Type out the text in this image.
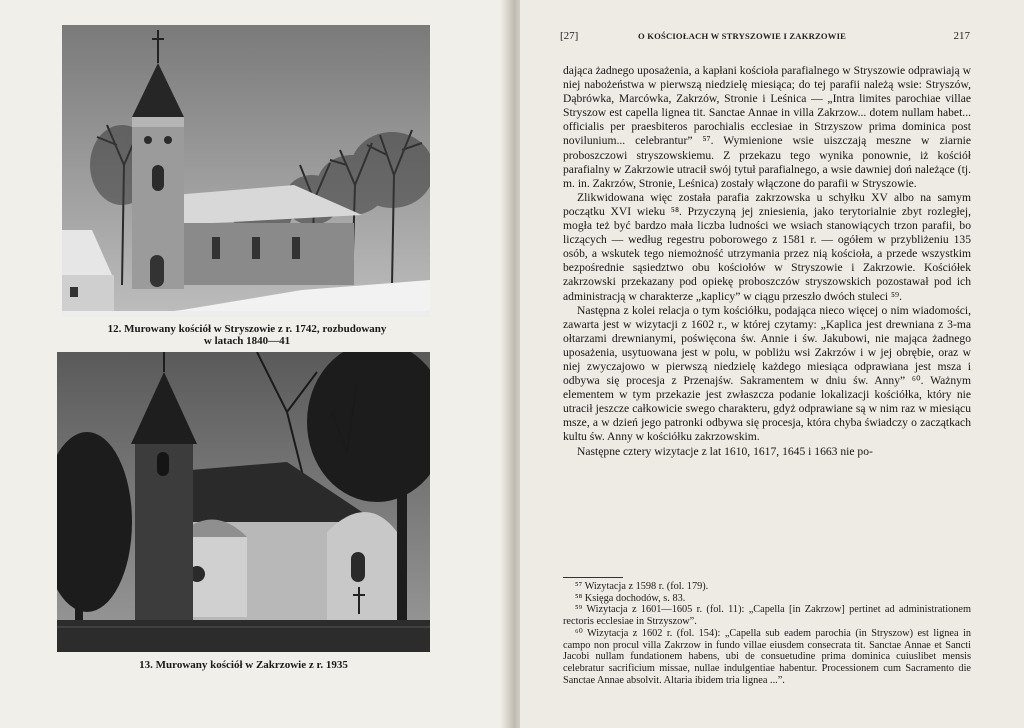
12. Murowany kościół w Stryszowie z r. 1742, rozbudowany
w latach 1840—41
13. Murowany kościół w Zakrzowie z r. 1935
[27]	O KOŚCIOŁACH W STRYSZOWIE I ZAKRZOWIE	217

dająca żadnego uposażenia, a kapłani kościoła parafialnego w Stryszowie odprawiają w niej nabożeństwa w pierwszą niedzielę miesiąca; do tej parafii należą wsie: Stryszów, Dąbrówka, Marcówka, Zakrzów, Stronie i Leśnica — „Intra limites parochiae villae Stryszow est capella lignea tit. Sanctae Annae in villa Zakrzow... dotem nullam habet... officialis per praesbiteros parochialis ecclesiae in Strzyszow prima dominica post novilunium... celebrantur” ⁵⁷. Wymienione wsie uiszczają meszne w ziarnie proboszczowi stryszowskiemu. Z przekazu tego wynika ponownie, iż kościół parafialny w Zakrzowie utracił swój tytuł parafialnego, a wsie dawniej doń należące (tj. m. in. Zakrzów, Stronie, Leśnica) zostały włączone do parafii w Stryszowie.

Zlikwidowana więc została parafia zakrzowska u schyłku XV albo na samym początku XVI wieku ⁵⁸. Przyczyną jej zniesienia, jako terytorialnie zbyt rozległej, mogła też być bardzo mała liczba ludności we wsiach stanowiących trzon parafii, bo liczących — według regestru poborowego z 1581 r. — ogółem w przybliżeniu 135 osób, a wskutek tego niemożność utrzymania przez nią kościoła, a przede wszystkim bezpośrednie sąsiedztwo obu kościołów w Stryszowie i Zakrzowie. Kościółek zakrzowski przekazany pod opiekę proboszczów stryszowskich pozostawał pod ich administracją w charakterze „kaplicy” w ciągu przeszło dwóch stuleci ⁵⁹.

Następna z kolei relacja o tym kościółku, podająca nieco więcej o nim wiadomości, zawarta jest w wizytacji z 1602 r., w której czytamy: „Kaplica jest drewniana z 3-ma ołtarzami drewnianymi, poświęcona św. Annie i św. Jakubowi, nie mająca żadnego uposażenia, usytuowana jest w polu, w pobliżu wsi Zakrzów i w jej obrębie, oraz w niej zwyczajowo w pierwszą niedzielę każdego miesiąca odprawiana jest msza i odbywa się procesja z Przenajśw. Sakramentem w dniu św. Anny” ⁶⁰. Ważnym elementem w tym przekazie jest zwłaszcza podanie lokalizacji kościółka, który nie utracił jeszcze całkowicie swego charakteru, gdyż odprawiane są w nim raz w miesiącu msze, a w dzień jego patronki odbywa się procesja, która chyba świadczy o zaczątkach kultu św. Anny w kościółku zakrzowskim.

Następne cztery wizytacje z lat 1610, 1617, 1645 i 1663 nie po-

⁵⁷ Wizytacja z 1598 r. (fol. 179).

⁵⁸ Księga dochodów, s. 83.

⁵⁹ Wizytacja z 1601—1605 r. (fol. 11): „Capella [in Zakrzow] pertinet ad administrationem rectoris ecclesiae in Strzyszow”.

⁶⁰ Wizytacja z 1602 r. (fol. 154): „Capella sub eadem parochia (in Stryszow) est lignea in campo non procul villa Zakrzow in fundo villae eiusdem consecrata tit. Sanctae Annae et Sancti Jacobi nullam fundationem habens, ubi de consuetudine prima dominica cuiuslibet mensis celebratur sacrificium missae, nullae indulgentiae habentur. Processionem cum Sacramento die Sanctae Annae absolvit. Altaria ibidem tria lignea ...”.
